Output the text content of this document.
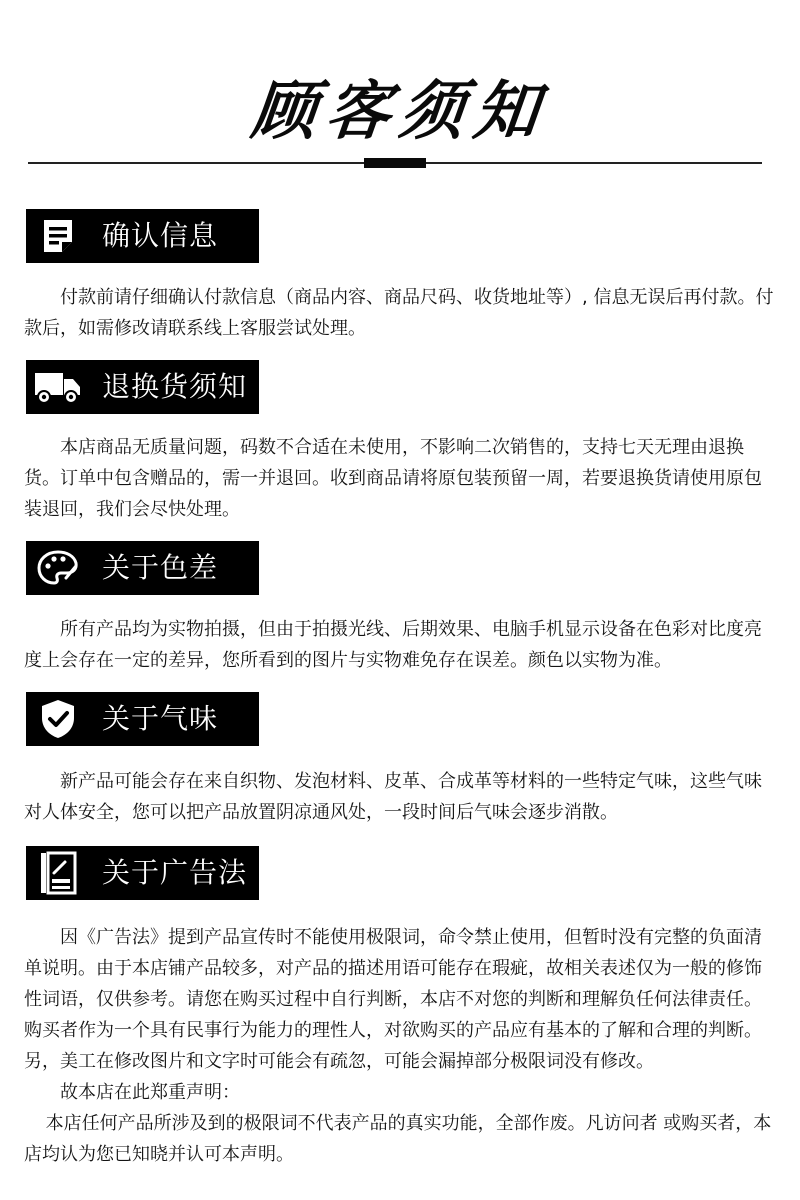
顾客须知
确认信息

付款前请仔细确认付款信息（商品内容、商品尺码、收货地址等）, 信息无误后再付款。付款后，如需修改请联系线上客服尝试处理。

退换货须知

本店商品无质量问题，码数不合适在未使用，不影响二次销售的，支持七天无理由退换货。订单中包含赠品的，需一并退回。收到商品请将原包装预留一周，若要退换货请使用原包装退回，我们会尽快处理。

关于色差

所有产品均为实物拍摄，但由于拍摄光线、后期效果、电脑手机显示设备在色彩对比度亮度上会存在一定的差异，您所看到的图片与实物难免存在误差。颜色以实物为准。

关于气味

新产品可能会存在来自织物、发泡材料、皮革、合成革等材料的一些特定气味，这些气味对人体安全，您可以把产品放置阴凉通风处，一段时间后气味会逐步消散。

关于广告法

因《广告法》提到产品宣传时不能使用极限词，命令禁止使用，但暂时没有完整的负面清单说明。由于本店铺产品较多，对产品的描述用语可能存在瑕疵，故相关表述仅为一般的修饰性词语，仅供参考。请您在购买过程中自行判断，本店不对您的判断和理解负任何法律责任。购买者作为一个具有民事行为能力的理性人，对欲购买的产品应有基本的了解和合理的判断。另，美工在修改图片和文字时可能会有疏忽，可能会漏掉部分极限词没有修改。

故本店在此郑重声明：

本店任何产品所涉及到的极限词不代表产品的真实功能，全部作废。凡访问者 或购买者，本店均认为您已知晓并认可本声明。
